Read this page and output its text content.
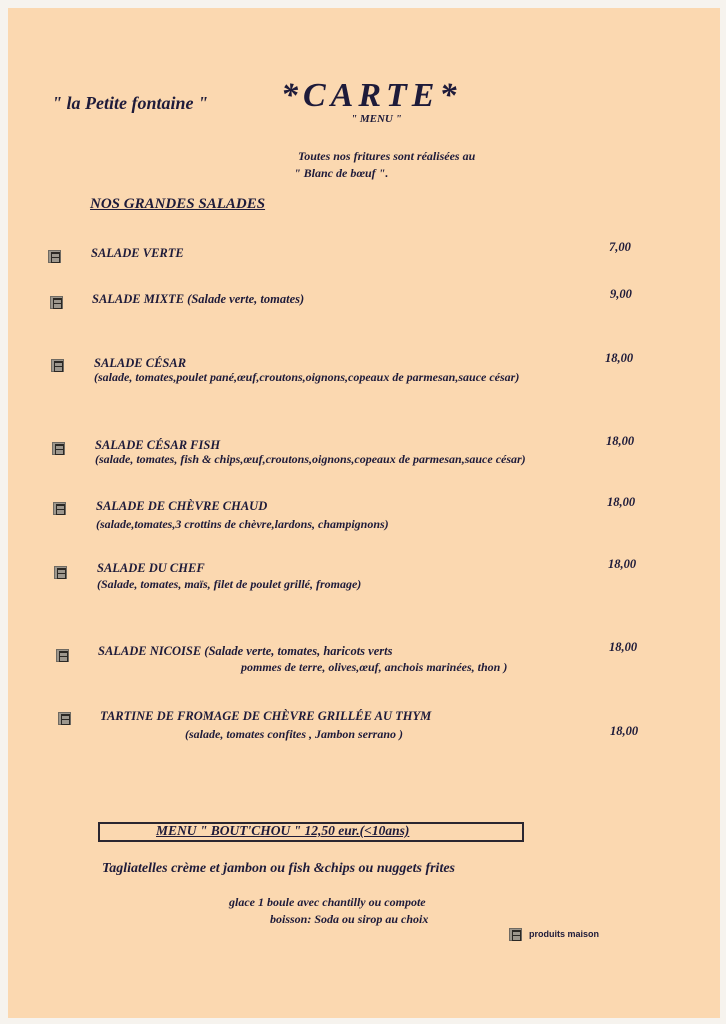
" la Petite fontaine " *CARTE*
" MENU "
Toutes nos fritures sont réalisées au
" Blanc de bœuf ".
NOS GRANDES SALADES
SALADE VERTE	7,00
SALADE MIXTE (Salade verte, tomates)	9,00
SALADE CÉSAR
(salade, tomates,poulet pané,œuf,croutons,oignons,copeaux de parmesan,sauce césar)
18,00
SALADE CÉSAR FISH
(salade, tomates, fish & chips,œuf,croutons,oignons,copeaux de parmesan,sauce césar)
18,00
SALADE DE CHÈVRE CHAUD
(salade,tomates,3 crottins de chèvre,lardons, champignons)
18,00
SALADE DU CHEF
(Salade, tomates, maïs, filet de poulet grillé, fromage)
18,00
SALADE NICOISE (Salade verte, tomates, haricots verts
pommes de terre, olives,œuf, anchois marinées, thon )
18,00
TARTINE DE FROMAGE DE CHÈVRE GRILLÉE AU THYM
(salade, tomates confites , Jambon serrano )	18,00
MENU " BOUT'CHOU " 12,50 eur.(<10ans)
Tagliatelles crème et jambon ou fish &chips ou nuggets frites
glace 1 boule avec chantilly ou compote
boisson: Soda ou sirop au choix
produits maison
